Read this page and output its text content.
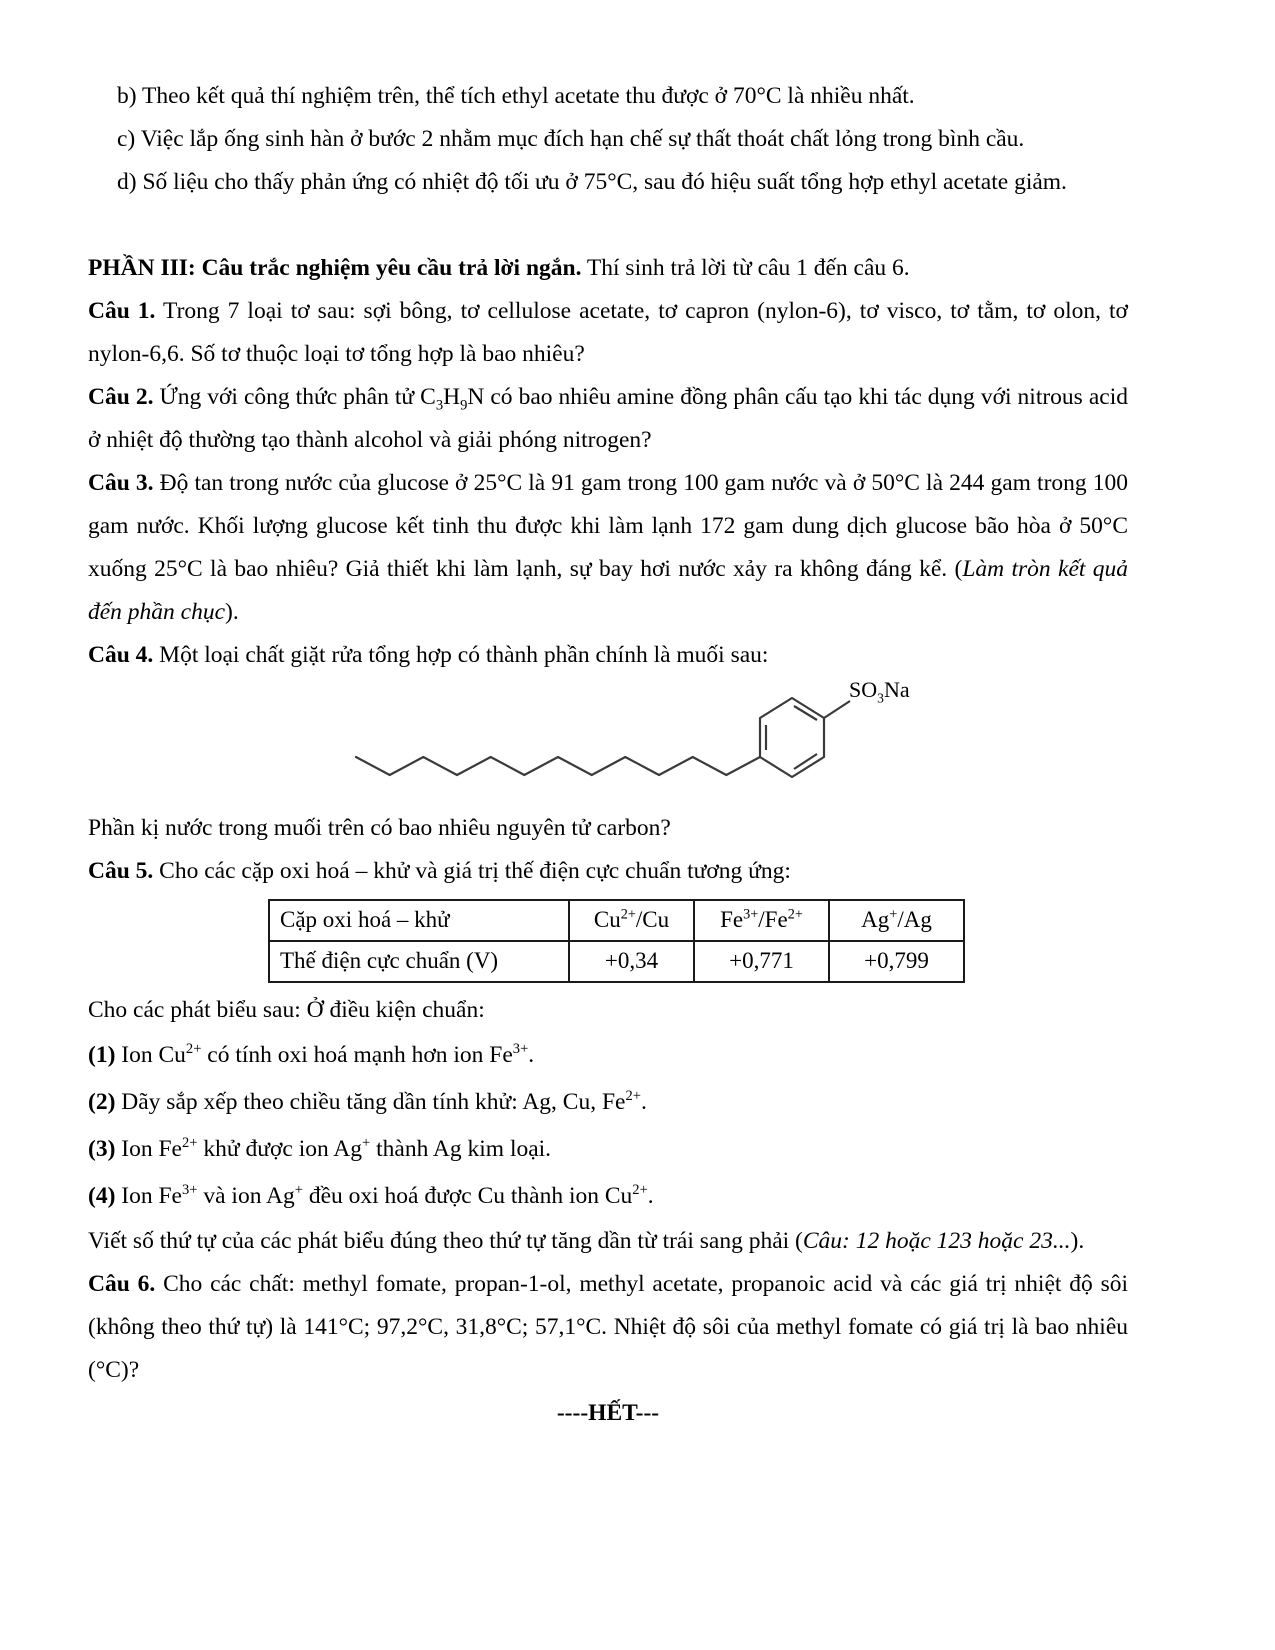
b) Theo kết quả thí nghiệm trên, thể tích ethyl acetate thu được ở 70°C là nhiều nhất.

c) Việc lắp ống sinh hàn ở bước 2 nhằm mục đích hạn chế sự thất thoát chất lỏng trong bình cầu.

d) Số liệu cho thấy phản ứng có nhiệt độ tối ưu ở 75°C, sau đó hiệu suất tổng hợp ethyl acetate giảm.

PHẦN III: Câu trắc nghiệm yêu cầu trả lời ngắn. Thí sinh trả lời từ câu 1 đến câu 6.

Câu 1. Trong 7 loại tơ sau: sợi bông, tơ cellulose acetate, tơ capron (nylon-6), tơ visco, tơ tằm, tơ olon, tơ nylon-6,6. Số tơ thuộc loại tơ tổng hợp là bao nhiêu?

Câu 2. Ứng với công thức phân tử $C_3H_9N$ có bao nhiêu amine đồng phân cấu tạo khi tác dụng với nitrous acid ở nhiệt độ thường tạo thành alcohol và giải phóng nitrogen?

Câu 3. Độ tan trong nước của glucose ở 25°C là 91 gam trong 100 gam nước và ở 50°C là 244 gam trong 100 gam nước. Khối lượng glucose kết tinh thu được khi làm lạnh 172 gam dung dịch glucose bão hòa ở 50°C xuống 25°C là bao nhiêu? Giả thiết khi làm lạnh, sự bay hơi nước xảy ra không đáng kể. (Làm tròn kết quả đến phần chục).

Câu 4. Một loại chất giặt rửa tổng hợp có thành phần chính là muối sau:

$SO_3Na$

Phần kị nước trong muối trên có bao nhiêu nguyên tử carbon?

Câu 5. Cho các cặp oxi hoá – khử và giá trị thế điện cực chuẩn tương ứng:

Cặp oxi hoá – khử	$Cu^{2+}/Cu$	$Fe^{3+}/Fe^{2+}$	Ag+/Ag
Thế điện cực chuẩn (V)	+0,34	+0,771	+0,799

Cho các phát biểu sau: Ở điều kiện chuẩn:

(1) Ion $Cu^{2+}$ có tính oxi hoá mạnh hơn ion $Fe^{3+}$.

(2) Dãy sắp xếp theo chiều tăng dần tính khử: Ag, Cu, $Fe^{2+}$.

(3) Ion $Fe^{2+}$ khử được ion Ag+ thành Ag kim loại.

(4) Ion $Fe^{3+}$ và ion Ag+ đều oxi hoá được Cu thành ion $Cu^{2+}$.

Viết số thứ tự của các phát biểu đúng theo thứ tự tăng dần từ trái sang phải (Câu: 12 hoặc 123 hoặc 23...).

Câu 6. Cho các chất: methyl fomate, propan-1-ol, methyl acetate, propanoic acid và các giá trị nhiệt độ sôi (không theo thứ tự) là 141°C; 97,2°C, 31,8°C; 57,1°C. Nhiệt độ sôi của methyl fomate có giá trị là bao nhiêu (°C)?

----HẾT---
